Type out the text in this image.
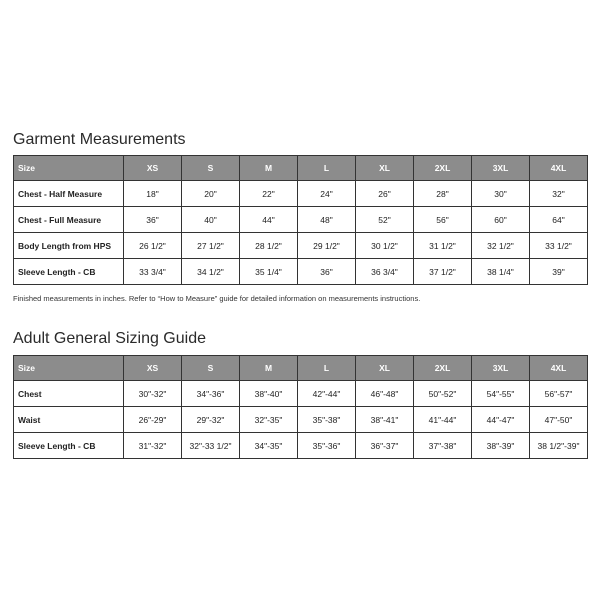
Garment Measurements
Size	XS	S	M	L	XL	2XL	3XL	4XL
Chest - Half Measure	18"	20"	22"	24"	26"	28"	30"	32"
Chest - Full Measure	36"	40"	44"	48"	52"	56"	60"	64"
Body Length from HPS	26 1/2"	27 1/2"	28 1/2"	29 1/2"	30 1/2"	31 1/2"	32 1/2"	33 1/2"
Sleeve Length - CB	33 3/4"	34 1/2"	35 1/4"	36"	36 3/4"	37 1/2"	38 1/4"	39"

Finished measurements in inches. Refer to “How to Measure” guide for detailed information on measurements instructions.

Adult General Sizing Guide
Size	XS	S	M	L	XL	2XL	3XL	4XL
Chest	30"-32"	34"-36"	38"-40"	42"-44"	46"-48"	50"-52"	54"-55"	56"-57"
Waist	26"-29"	29"-32"	32"-35"	35"-38"	38"-41"	41"-44"	44"-47"	47"-50"
Sleeve Length - CB	31"-32"	32"-33 1/2"	34"-35"	35"-36"	36"-37"	37"-38"	38"-39"	38 1/2"-39"
